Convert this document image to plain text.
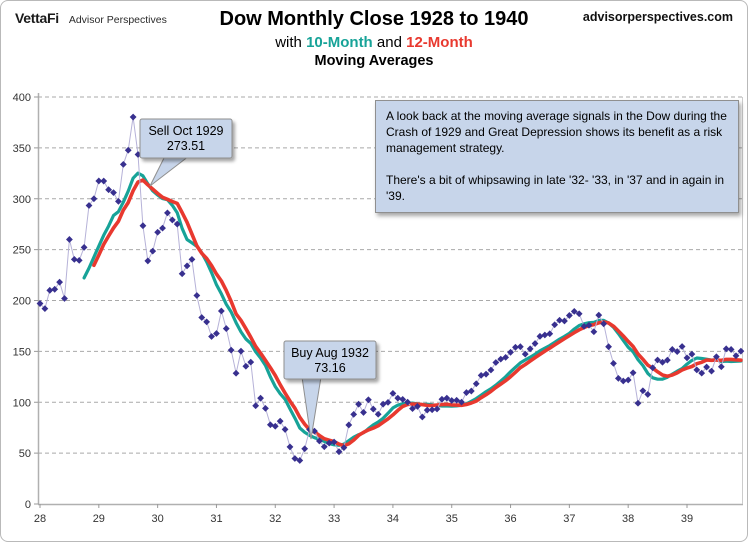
VettaFi Advisor Perspectives	advisorperspectives.com
Dow Monthly Close 1928 to 1940
with 10-Month and 12-Month
Moving Averages
0
50
100
150
200
250
300
350
400
28	29	30	31	32	33	34	35	36	37	38	39
Sell Oct 1929
273.51
Buy Aug 1932
73.16

A look back at the moving average signals in the Dow during the Crash of 1929 and Great Depression shows its benefit as a risk management strategy.

There's a bit of whipsawing in late '32- '33, in '37 and in again in '39.
